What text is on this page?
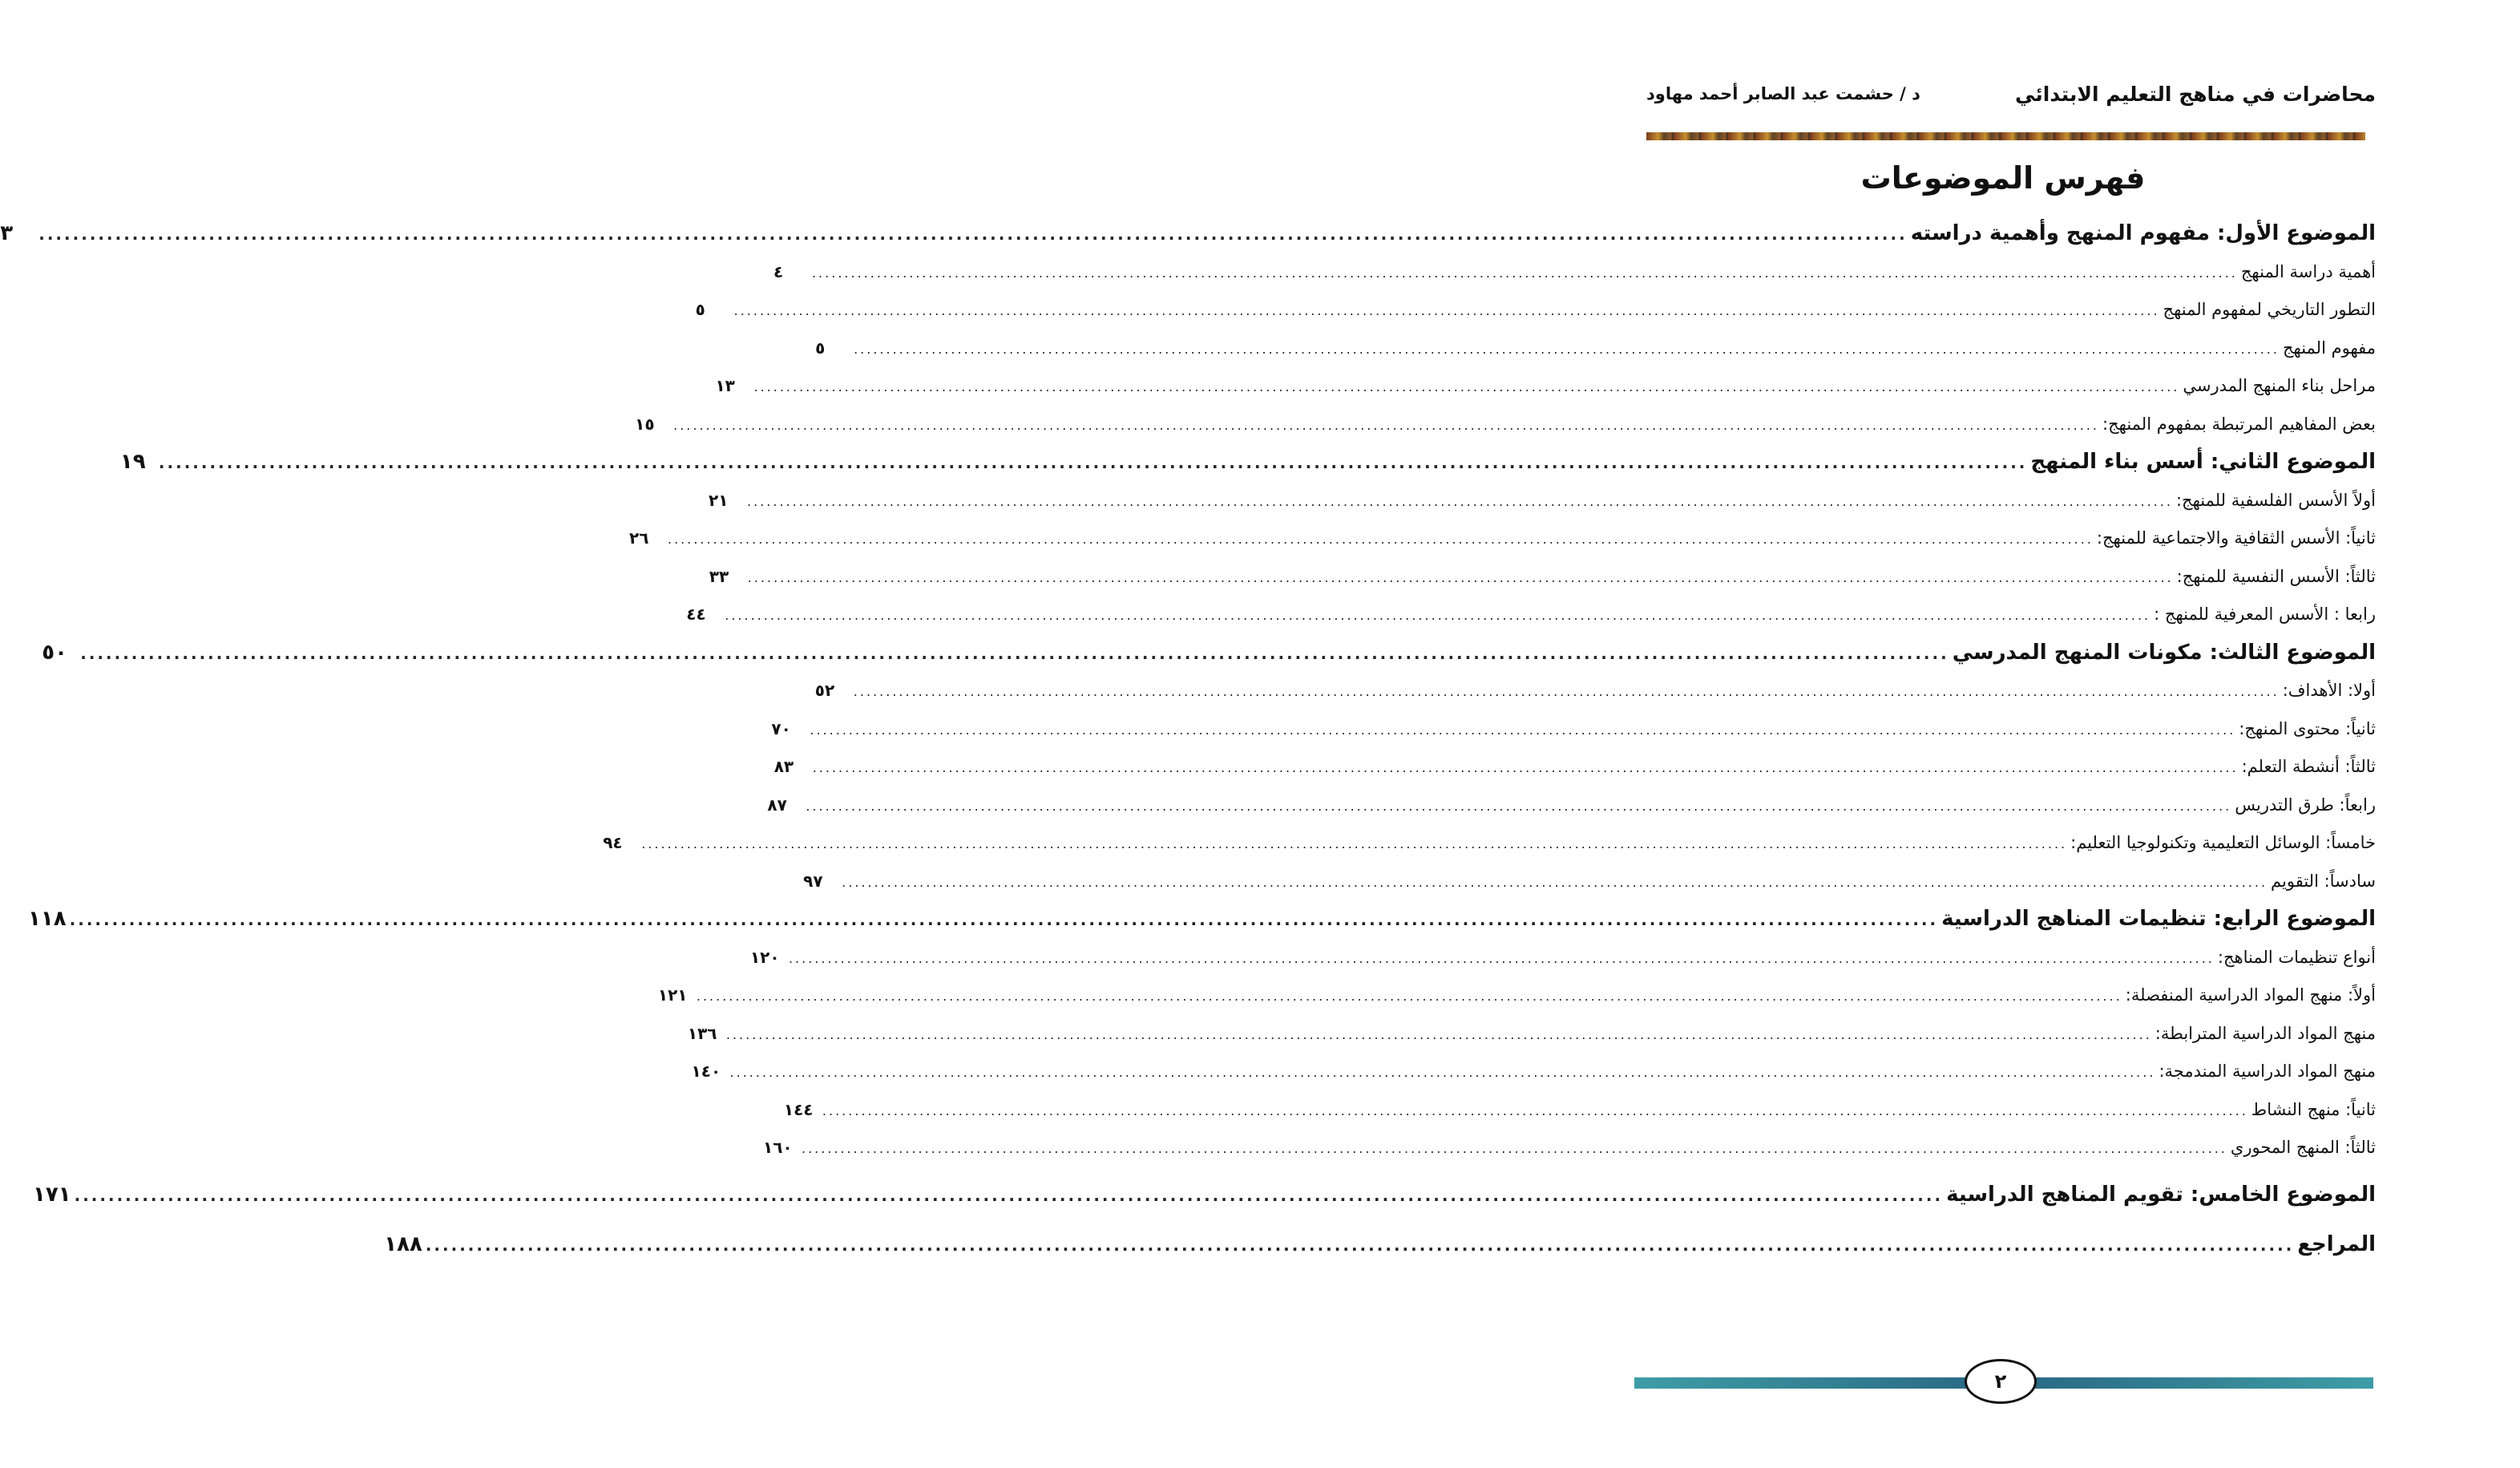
محاضرات في مناهج التعليم الابتدائي
د / حشمت عبد الصابر أحمد مهاود
فهرس الموضوعات
الموضوع الأول: مفهوم المنهج وأهمية دراسته
............................................................................................................................................................................................................................
٣
أهمية دراسة المنهج
............................................................................................................................................................................................................................
٤
التطور التاريخي لمفهوم المنهج
............................................................................................................................................................................................................................
٥
مفهوم المنهج
............................................................................................................................................................................................................................
٥
مراحل بناء المنهج المدرسي
............................................................................................................................................................................................................................
١٣
بعض المفاهيم المرتبطة بمفهوم المنهج:
............................................................................................................................................................................................................................
١٥
الموضوع الثاني: أسس بناء المنهج
............................................................................................................................................................................................................................
١٩
أولاً الأسس الفلسفية للمنهج:
............................................................................................................................................................................................................................
٢١
ثانياً: الأسس الثقافية والاجتماعية للمنهج:
............................................................................................................................................................................................................................
٢٦
ثالثاً: الأسس النفسية للمنهج:
............................................................................................................................................................................................................................
٣٣
رابعا : الأسس المعرفية للمنهج :
............................................................................................................................................................................................................................
٤٤
الموضوع الثالث: مكونات المنهج المدرسي
............................................................................................................................................................................................................................
٥٠
أولا: الأهداف:
............................................................................................................................................................................................................................
٥٢
ثانياً: محتوى المنهج:
............................................................................................................................................................................................................................
٧٠
ثالثاً: أنشطة التعلم:
............................................................................................................................................................................................................................
٨٣
رابعاً: طرق التدريس
............................................................................................................................................................................................................................
٨٧
خامساً: الوسائل التعليمية وتكنولوجيا التعليم:
............................................................................................................................................................................................................................
٩٤
سادساً: التقويم
............................................................................................................................................................................................................................
٩٧
الموضوع الرابع: تنظيمات المناهج الدراسية
............................................................................................................................................................................................................................
١١٨
أنواع تنظيمات المناهج:
............................................................................................................................................................................................................................
١٢٠
أولاً: منهج المواد الدراسية المنفصلة:
............................................................................................................................................................................................................................
١٢١
منهج المواد الدراسية المترابطة:
............................................................................................................................................................................................................................
١٣٦
منهج المواد الدراسية المندمجة:
............................................................................................................................................................................................................................
١٤٠
ثانياً: منهج النشاط
............................................................................................................................................................................................................................
١٤٤
ثالثاً: المنهج المحوري
............................................................................................................................................................................................................................
١٦٠
الموضوع الخامس: تقويم المناهج الدراسية
............................................................................................................................................................................................................................
١٧١
المراجع
............................................................................................................................................................................................................................
١٨٨
٢
